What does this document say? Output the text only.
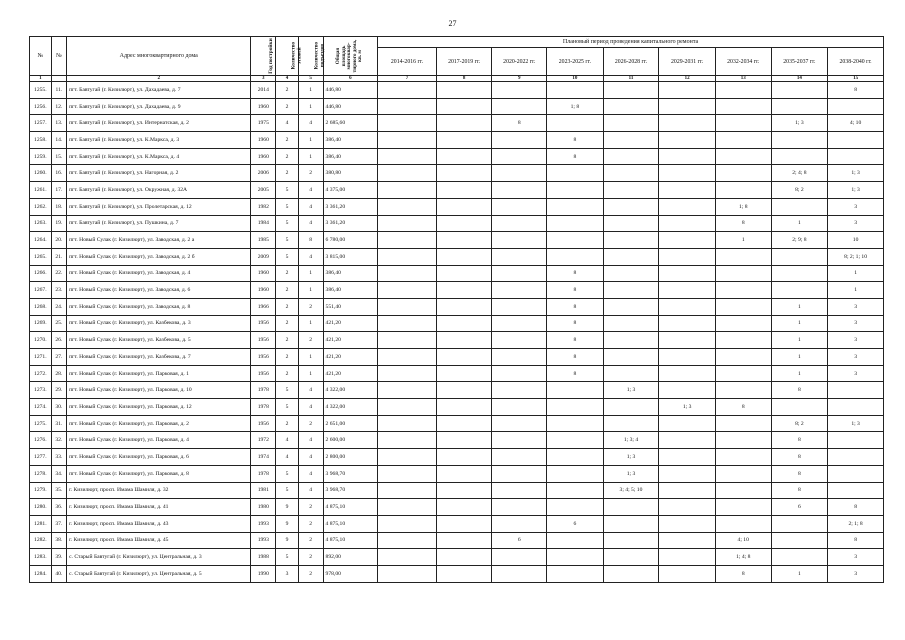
27
№	№	Адрес многоквартирного дома	Год постройки	Количество этажей	Количество подъездов	Общая площадь многоквар-тирного дома, кв. м	Плановый период проведения капитального ремонта								
							2014-2016 гг.	2017-2019 гг.	2020-2022 гг.	2023-2025 гг.	2026-2028 гг.	2029-2031 гг.	2032-2034 гг.	2035-2037 гг.	2038-2040 гг.
1		2	3	4	5	6	7	8	9	10	11	12	13	14	15
1255.	11.	пгт. Бавтугай (г. Кизилюрт), ул. Дахадаева, д. 7	2014	2	1	446,80									8
1256.	12.	пгт. Бавтугай (г. Кизилюрт), ул. Дахадаева, д. 9	1960	2	1	446,80				1; 8					
1257.	13.	пгт. Бавтугай (г. Кизилюрт), ул. Интернатская, д. 2	1975	4	4	2 685,60			8					1; 3	4; 10
1258.	14.	пгт. Бавтугай (г. Кизилюрт), ул. К.Маркса, д. 3	1960	2	1	386,40				8					
1259.	15.	пгт. Бавтугай (г. Кизилюрт), ул. К.Маркса, д. 4	1960	2	1	386,40				8					
1260.	16.	пгт. Бавтугай (г. Кизилюрт), ул. Нагорная, д. 2	2006	2	2	380,80								2; 4; 8	1; 3
1261.	17.	пгт. Бавтугай (г. Кизилюрт), ул. Окружная, д. 32А	2005	5	4	4 375,00								8; 2	1; 3
1262.	18.	пгт. Бавтугай (г. Кизилюрт), ул. Пролетарская, д. 12	1982	5	4	3 361,20							1; 8		3
1263.	19.	пгт. Бавтугай (г. Кизилюрт), ул. Пушкина, д. 7	1984	5	4	3 361,20							8	1	3
1264.	20.	пгт. Новый Сулак (г. Кизилюрт), ул. Заводская, д. 2 а	1985	5	8	6 780,00							1	2; 9; 8	10
1265.	21.	пгт. Новый Сулак (г. Кизилюрт), ул. Заводская, д. 2 б	2009	5	4	3 815,00									8; 2; 1; 10
1266.	22.	пгт. Новый Сулак (г. Кизилюрт), ул. Заводская, д. 4	1960	2	1	386,40				8					1
1267.	23.	пгт. Новый Сулак (г. Кизилюрт), ул. Заводская, д. 6	1960	2	1	386,40				8					1
1268.	24.	пгт. Новый Сулак (г. Кизилюрт), ул. Заводская, д. 8	1966	2	2	551,40				8				1	3
1269.	25.	пгт. Новый Сулак (г. Кизилюрт), ул. Казбекова, д. 3	1956	2	1	421,20				8				1	3
1270.	26.	пгт. Новый Сулак (г. Кизилюрт), ул. Казбекова, д. 5	1956	2	2	421,20				8				1	3
1271.	27.	пгт. Новый Сулак (г. Кизилюрт), ул. Казбекова, д. 7	1956	2	1	421,20				8				1	3
1272.	28.	пгт. Новый Сулак (г. Кизилюрт), ул. Парковая, д. 1	1956	2	1	421,20				8				1	3
1273.	29.	пгт. Новый Сулак (г. Кизилюрт), ул. Парковая, д. 10	1978	5	4	4 322,00					1; 3			8	
1274.	30.	пгт. Новый Сулак (г. Кизилюрт), ул. Парковая, д. 12	1978	5	4	4 322,00						1; 3	8		
1275.	31.	пгт. Новый Сулак (г. Кизилюрт), ул. Парковая, д. 2	1956	2	2	2 651,00								8; 2	1; 3
1276.	32.	пгт. Новый Сулак (г. Кизилюрт), ул. Парковая, д. 4	1972	4	4	2 600,00					1; 3; 4			8	
1277.	33.	пгт. Новый Сулак (г. Кизилюрт), ул. Парковая, д. 6	1974	4	4	2 800,00					1; 3			8	
1278.	34.	пгт. Новый Сулак (г. Кизилюрт), ул. Парковая, д. 8	1978	5	4	3 968,70					1; 3			8	
1279.	35.	г. Кизилюрт, просп. Имама Шамиля, д. 32	1981	5	4	3 968,70					3; 4; 5; 10			8	
1280.	36.	г. Кизилюрт, просп. Имама Шамиля, д. 41	1980	9	2	4 875,10								6	8
1281.	37.	г. Кизилюрт, просп. Имама Шамиля, д. 43	1993	9	2	4 875,10				6					2; 1; 8
1282.	38.	г. Кизилюрт, просп. Имама Шамиля, д. 45	1993	9	2	4 875,10			6				4; 10		8
1283.	39.	с. Старый Бавтугай (г. Кизилюрт), ул. Центральная, д. 3	1988	5	2	892,00							1; 4; 8		3
1284.	40.	с. Старый Бавтугай (г. Кизилюрт), ул. Центральная, д. 5	1990	3	2	978,00							8	1	3
